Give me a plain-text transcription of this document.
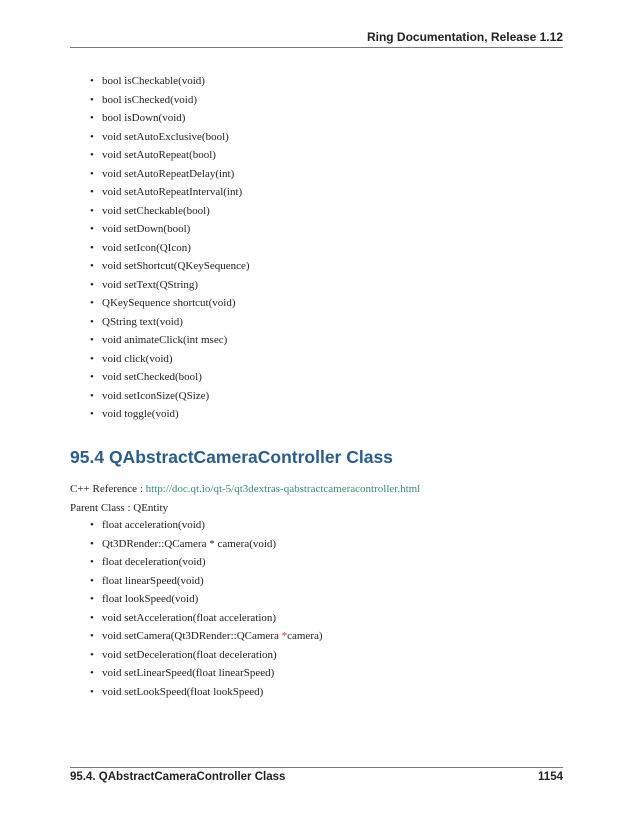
Ring Documentation, Release 1.12
• bool isCheckable(void)
• bool isChecked(void)
• bool isDown(void)
• void setAutoExclusive(bool)
• void setAutoRepeat(bool)
• void setAutoRepeatDelay(int)
• void setAutoRepeatInterval(int)
• void setCheckable(bool)
• void setDown(bool)
• void setIcon(QIcon)
• void setShortcut(QKeySequence)
• void setText(QString)
• QKeySequence shortcut(void)
• QString text(void)
• void animateClick(int msec)
• void click(void)
• void setChecked(bool)
• void setIconSize(QSize)
• void toggle(void)
95.4 QAbstractCameraController Class

C++ Reference : http://doc.qt.io/qt-5/qt3dextras-qabstractcameracontroller.html

Parent Class : QEntity

• float acceleration(void)
• Qt3DRender::QCamera * camera(void)
• float deceleration(void)
• float linearSpeed(void)
• float lookSpeed(void)
• void setAcceleration(float acceleration)
• void setCamera(Qt3DRender::QCamera *camera)
• void setDeceleration(float deceleration)
• void setLinearSpeed(float linearSpeed)
• void setLookSpeed(float lookSpeed)
95.4. QAbstractCameraController Class	1154
